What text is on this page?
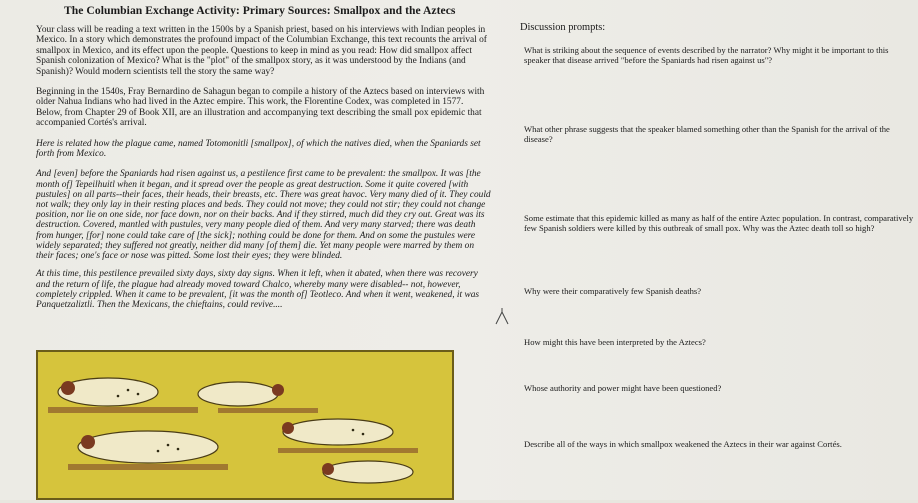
The Columbian Exchange Activity: Primary Sources: Smallpox and the Aztecs

Your class will be reading a text written in the 1500s by a Spanish priest, based on his interviews with Indian peoples in Mexico. In a story which demonstrates the profound impact of the Columbian Exchange, this text recounts the arrival of smallpox in Mexico, and its effect upon the people. Questions to keep in mind as you read: How did smallpox affect Spanish colonization of Mexico? What is the "plot" of the smallpox story, as it was understood by the Indians (and Spanish)? Would modern scientists tell the story the same way?

Beginning in the 1540s, Fray Bernardino de Sahagun began to compile a history of the Aztecs based on interviews with older Nahua Indians who had lived in the Aztec empire. This work, the Florentine Codex, was completed in 1577. Below, from Chapter 29 of Book XII, are an illustration and accompanying text describing the small pox epidemic that accompanied Cortés's arrival.

Here is related how the plague came, named Totomonitli [smallpox], of which the natives died, when the Spaniards set forth from Mexico.

And [even] before the Spaniards had risen against us, a pestilence first came to be prevalent: the smallpox. It was [the month of] Tepeilhuitl when it began, and it spread over the people as great destruction. Some it quite covered [with pustules] on all parts--their faces, their heads, their breasts, etc. There was great havoc. Very many died of it. They could not walk; they only lay in their resting places and beds. They could not move; they could not stir; they could not change position, nor lie on one side, nor face down, nor on their backs. And if they stirred, much did they cry out. Great was its destruction. Covered, mantled with pustules, very many people died of them. And very many starved; there was death from hunger, [for] none could take care of [the sick]; nothing could be done for them. And on some the pustules were widely separated; they suffered not greatly, neither did many [of them] die. Yet many people were marred by them on their faces; one's face or nose was pitted. Some lost their eyes; they were blinded.

At this time, this pestilence prevailed sixty days, sixty day signs. When it left, when it abated, when there was recovery and the return of life, the plague had already moved toward Chalco, whereby many were disabled-- not, however, completely crippled. When it came to be prevalent, [it was the month of] Teotleco. And when it went, weakened, it was Panquetzaliztli. Then the Mexicans, the chieftains, could revive....

Discussion prompts:

What is striking about the sequence of events described by the narrator? Why might it be important to this speaker that disease arrived "before the Spaniards had risen against us"?

What other phrase suggests that the speaker blamed something other than the Spanish for the arrival of the disease?

Some estimate that this epidemic killed as many as half of the entire Aztec population. In contrast, comparatively few Spanish soldiers were killed by this outbreak of small pox. Why was the Aztec death toll so high?

Why were their comparatively few Spanish deaths?

How might this have been interpreted by the Aztecs?

Whose authority and power might have been questioned?

Describe all of the ways in which smallpox weakened the Aztecs in their war against Cortés.
